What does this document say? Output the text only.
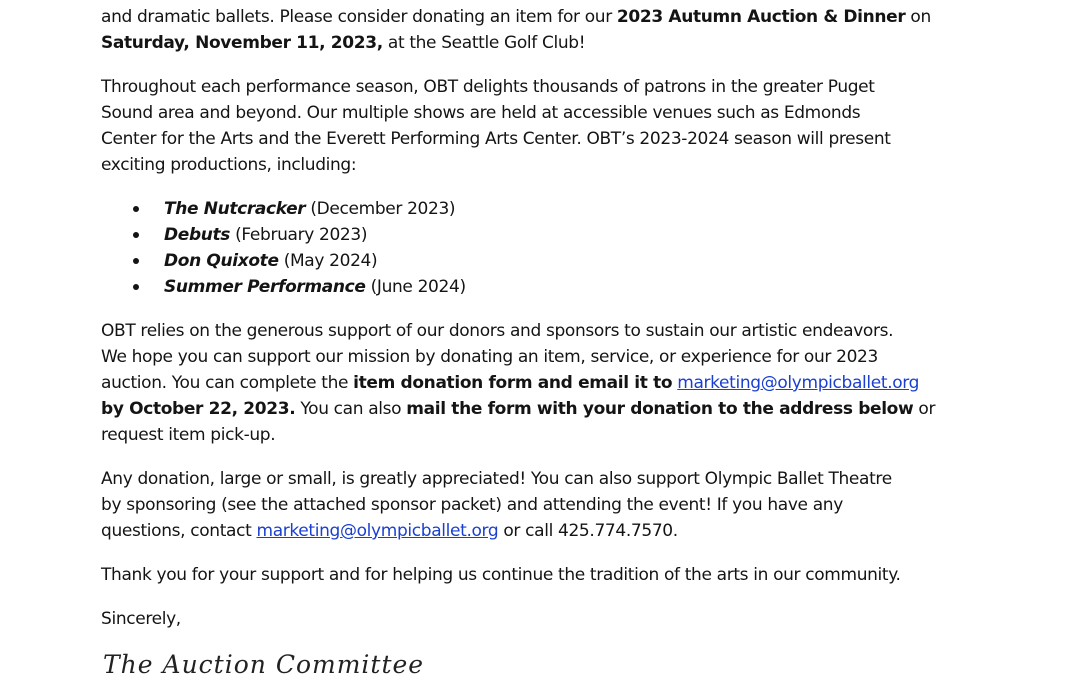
and dramatic ballets. Please consider donating an item for our 2023 Autumn Auction & Dinner on
Saturday, November 11, 2023, at the Seattle Golf Club!

Throughout each performance season, OBT delights thousands of patrons in the greater Puget
Sound area and beyond. Our multiple shows are held at accessible venues such as Edmonds
Center for the Arts and the Everett Performing Arts Center. OBT’s 2023-2024 season will present
exciting productions, including:

The Nutcracker (December 2023)
Debuts (February 2023)
Don Quixote (May 2024)
Summer Performance (June 2024)

OBT relies on the generous support of our donors and sponsors to sustain our artistic endeavors.
We hope you can support our mission by donating an item, service, or experience for our 2023
auction. You can complete the item donation form and email it to marketing@olympicballet.org
by October 22, 2023. You can also mail the form with your donation to the address below or
request item pick-up.

Any donation, large or small, is greatly appreciated! You can also support Olympic Ballet Theatre
by sponsoring (see the attached sponsor packet) and attending the event! If you have any
questions, contact marketing@olympicballet.org or call 425.774.7570.

Thank you for your support and for helping us continue the tradition of the arts in our community.

Sincerely,

The Auction Committee
